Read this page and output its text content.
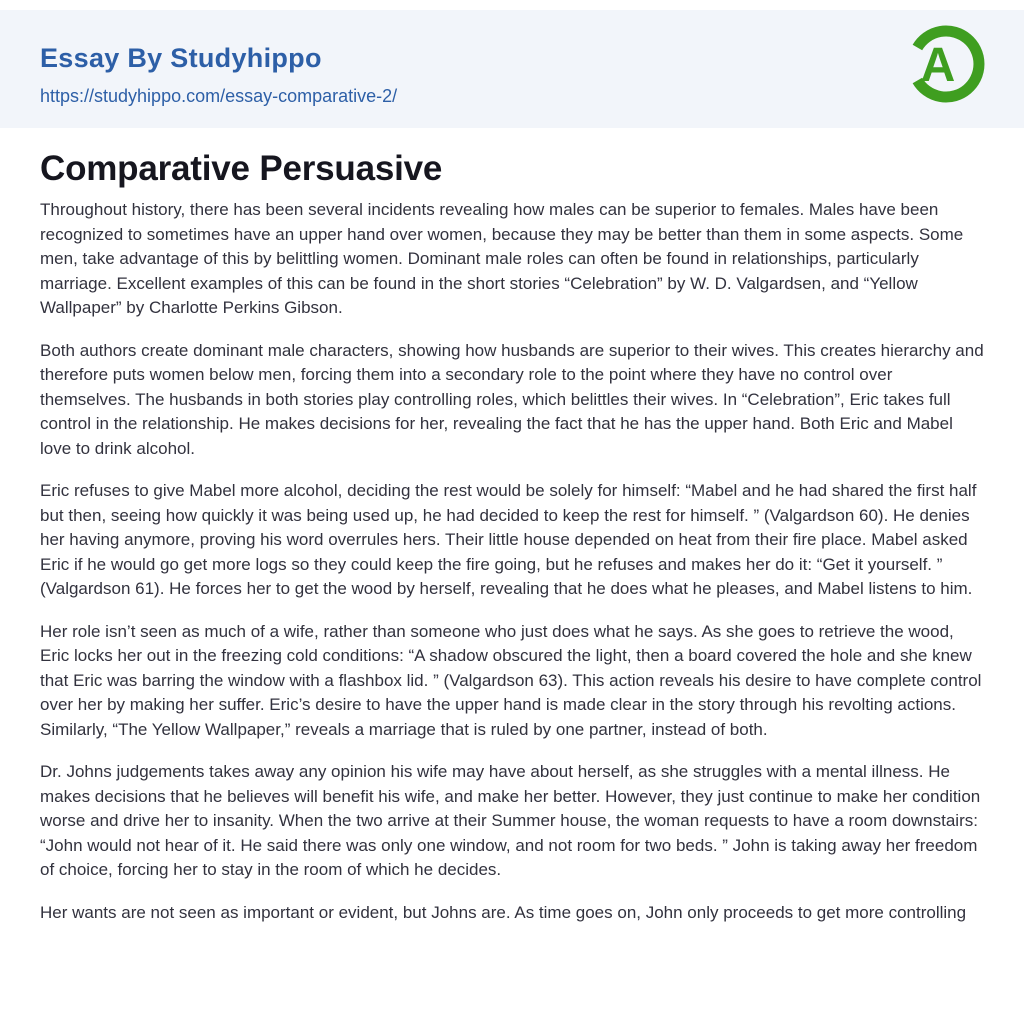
Essay By Studyhippo
https://studyhippo.com/essay-comparative-2/
A
Comparative Persuasive

Throughout history, there has been several incidents revealing how males can be superior to females. Males have been recognized to sometimes have an upper hand over women, because they may be better than them in some aspects. Some men, take advantage of this by belittling women. Dominant male roles can often be found in relationships, particularly marriage. Excellent examples of this can be found in the short stories “Celebration” by W. D. Valgardsen, and “Yellow Wallpaper” by Charlotte Perkins Gibson.

Both authors create dominant male characters, showing how husbands are superior to their wives. This creates hierarchy and therefore puts women below men, forcing them into a secondary role to the point where they have no control over themselves. The husbands in both stories play controlling roles, which belittles their wives. In “Celebration”, Eric takes full control in the relationship. He makes decisions for her, revealing the fact that he has the upper hand. Both Eric and Mabel love to drink alcohol.

Eric refuses to give Mabel more alcohol, deciding the rest would be solely for himself: “Mabel and he had shared the first half but then, seeing how quickly it was being used up, he had decided to keep the rest for himself. ” (Valgardson 60). He denies her having anymore, proving his word overrules hers. Their little house depended on heat from their fire place. Mabel asked Eric if he would go get more logs so they could keep the fire going, but he refuses and makes her do it: “Get it yourself. ” (Valgardson 61). He forces her to get the wood by herself, revealing that he does what he pleases, and Mabel listens to him.

Her role isn’t seen as much of a wife, rather than someone who just does what he says. As she goes to retrieve the wood, Eric locks her out in the freezing cold conditions: “A shadow obscured the light, then a board covered the hole and she knew that Eric was barring the window with a flashbox lid. ” (Valgardson 63). This action reveals his desire to have complete control over her by making her suffer. Eric’s desire to have the upper hand is made clear in the story through his revolting actions. Similarly, “The Yellow Wallpaper,” reveals a marriage that is ruled by one partner, instead of both.

Dr. Johns judgements takes away any opinion his wife may have about herself, as she struggles with a mental illness. He makes decisions that he believes will benefit his wife, and make her better. However, they just continue to make her condition worse and drive her to insanity. When the two arrive at their Summer house, the woman requests to have a room downstairs: “John would not hear of it. He said there was only one window, and not room for two beds. ” John is taking away her freedom of choice, forcing her to stay in the room of which he decides.

Her wants are not seen as important or evident, but Johns are. As time goes on, John only proceeds to get more controlling
